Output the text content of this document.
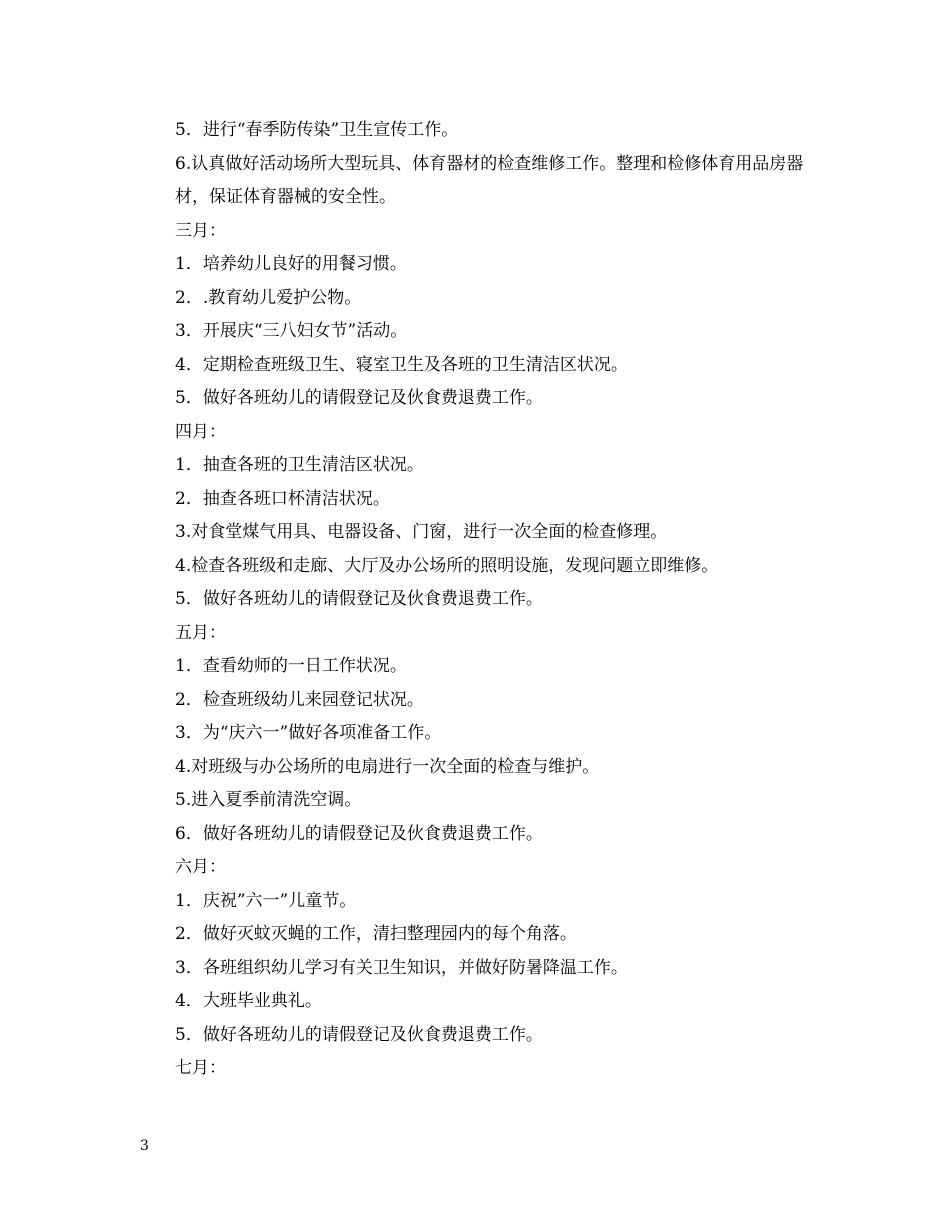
5．进行“春季防传染”卫生宣传工作。
6.认真做好活动场所大型玩具、体育器材的检查维修工作。整理和检修体育用品房器材，保证体育器械的安全性。
三月：
1．培养幼儿良好的用餐习惯。
2．.教育幼儿爱护公物。
3．开展庆“三八妇女节”活动。
4．定期检查班级卫生、寝室卫生及各班的卫生清洁区状况。
5．做好各班幼儿的请假登记及伙食费退费工作。
四月：
1．抽查各班的卫生清洁区状况。
2．抽查各班口杯清洁状况。
3.对食堂煤气用具、电器设备、门窗，进行一次全面的检查修理。
4.检查各班级和走廊、大厅及办公场所的照明设施，发现问题立即维修。
5．做好各班幼儿的请假登记及伙食费退费工作。
五月：
1．查看幼师的一日工作状况。
2．检查班级幼儿来园登记状况。
3．为“庆六一”做好各项准备工作。
4.对班级与办公场所的电扇进行一次全面的检查与维护。
5.进入夏季前清洗空调。
6．做好各班幼儿的请假登记及伙食费退费工作。
六月：
1．庆祝”六一”儿童节。
2．做好灭蚊灭蝇的工作，清扫整理园内的每个角落。
3．各班组织幼儿学习有关卫生知识，并做好防暑降温工作。
4．大班毕业典礼。
5．做好各班幼儿的请假登记及伙食费退费工作。
七月：
3
